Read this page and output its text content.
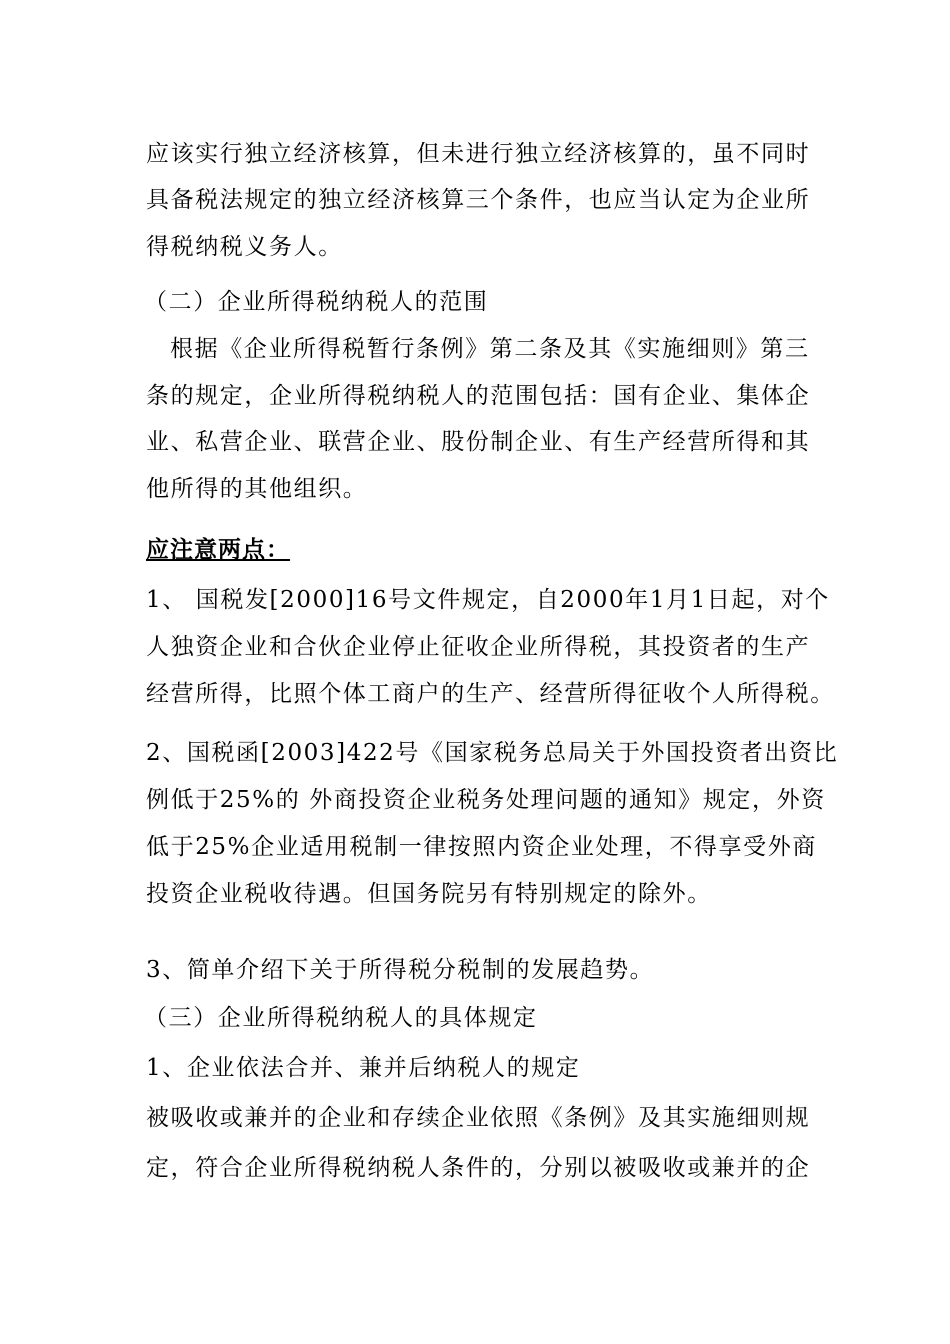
应该实行独立经济核算，但未进行独立经济核算的，虽不同时
具备税法规定的独立经济核算三个条件，也应当认定为企业所
得税纳税义务人。
（二）企业所得税纳税人的范围
根据《企业所得税暂行条例》第二条及其《实施细则》第三
条的规定，企业所得税纳税人的范围包括：国有企业、集体企
业、私营企业、联营企业、股份制企业、有生产经营所得和其
他所得的其他组织。
应注意两点：
1、 国税发[2000]16号文件规定，自2000年1月1日起，对个
人独资企业和合伙企业停止征收企业所得税，其投资者的生产
经营所得，比照个体工商户的生产、经营所得征收个人所得税。
2、国税函[2003]422号《国家税务总局关于外国投资者出资比
例低于25%的 外商投资企业税务处理问题的通知》规定，外资
低于25%企业适用税制一律按照内资企业处理，不得享受外商
投资企业税收待遇。但国务院另有特别规定的除外。
3、简单介绍下关于所得税分税制的发展趋势。
（三）企业所得税纳税人的具体规定
1、企业依法合并、兼并后纳税人的规定
被吸收或兼并的企业和存续企业依照《条例》及其实施细则规
定，符合企业所得税纳税人条件的，分别以被吸收或兼并的企
